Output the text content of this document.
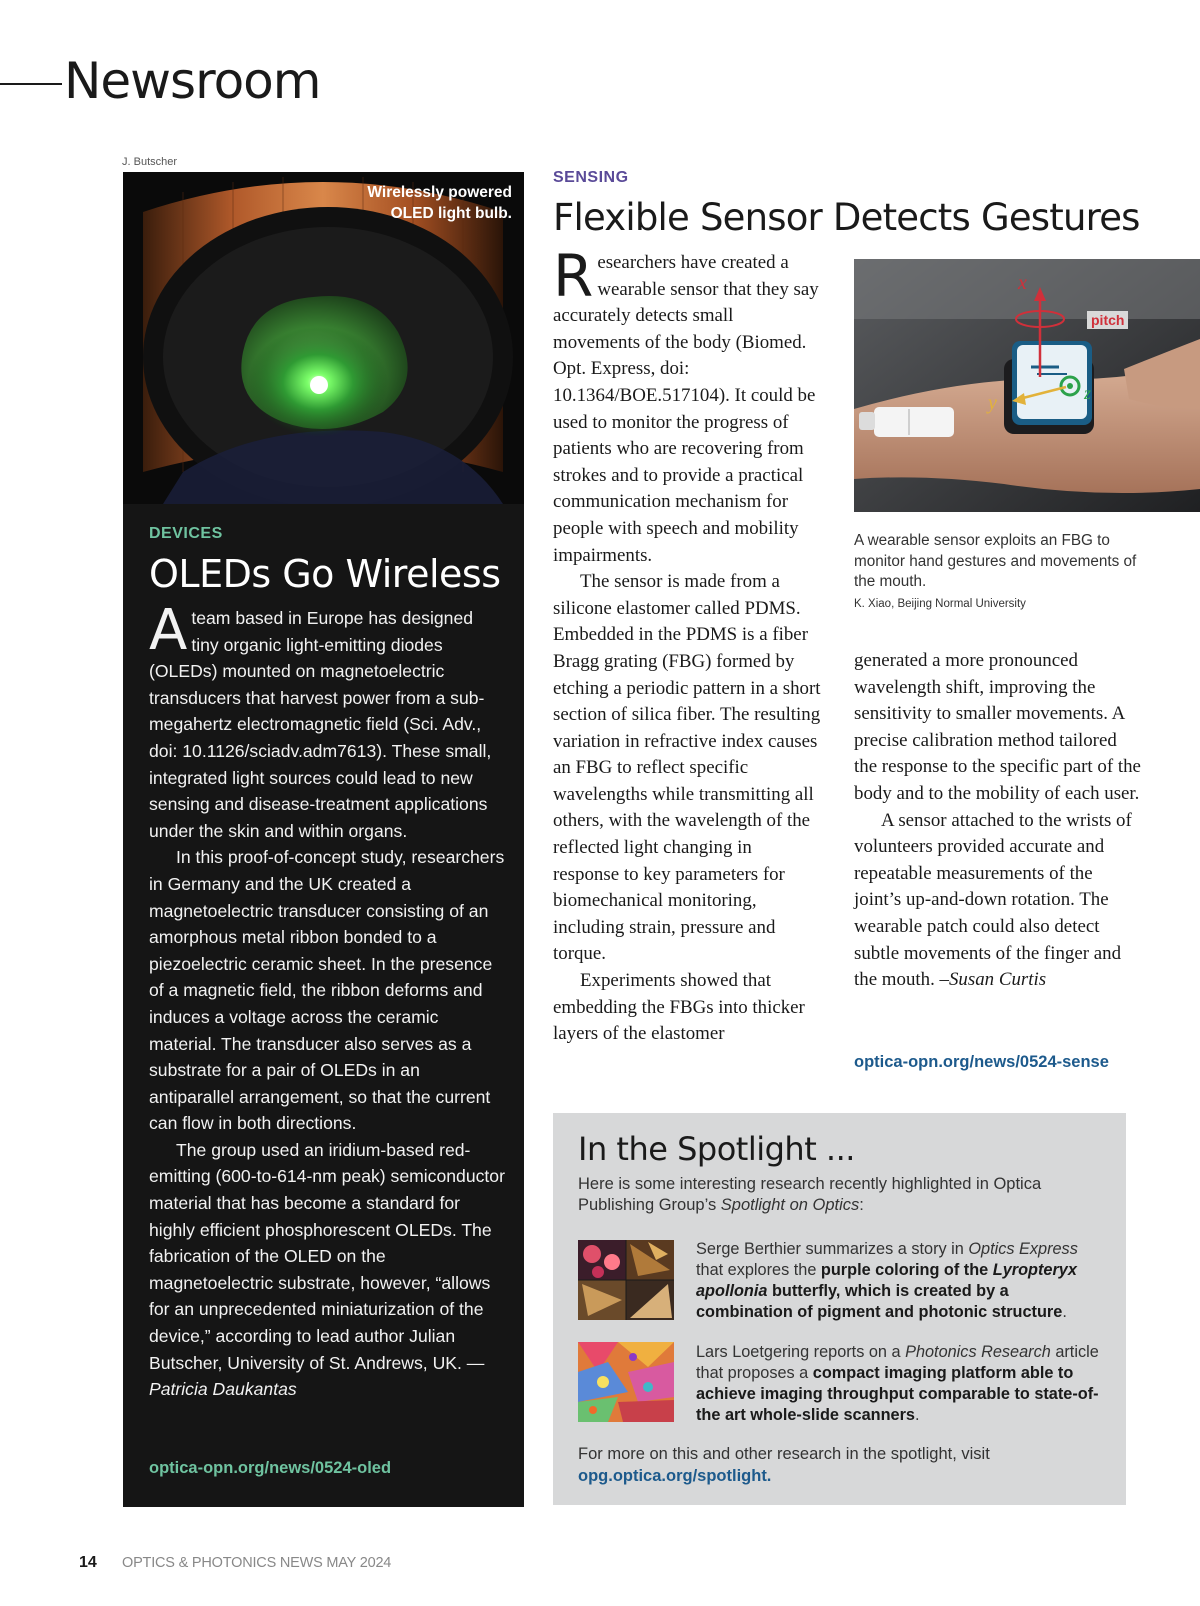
Newsroom
J. Butscher
Wirelessly powered
OLED light bulb.
DEVICES
OLEDs Go Wireless

Ateam based in Europe has designed tiny organic light-emitting diodes (OLEDs) mounted on magnetoelectric transducers that harvest power from a sub-megahertz electromagnetic field (Sci. Adv., doi: 10.1126/sciadv.adm7613). These small, integrated light sources could lead to new sensing and disease-treatment applications under the skin and within organs.

In this proof-of-concept study, researchers in Germany and the UK created a magnetoelectric transducer consisting of an amorphous metal ribbon bonded to a piezoelectric ceramic sheet. In the presence of a magnetic field, the ribbon deforms and induces a voltage across the ceramic material. The transducer also serves as a substrate for a pair of OLEDs in an antiparallel arrangement, so that the current can flow in both directions.

The group used an iridium-based red-emitting (600-to-614-nm peak) semiconductor material that has become a standard for highly efficient phosphorescent OLEDs. The fabrication of the OLED on the magnetoelectric substrate, however, “allows for an unprecedented miniaturization of the device,” according to lead author Julian Butscher, University of St. Andrews, UK. —Patricia Daukantas

optica-opn.org/news/0524-oled
SENSING
Flexible Sensor Detects Gestures

Researchers have created a wearable sensor that they say accurately detects small movements of the body (Biomed. Opt. Express, doi: 10.1364/BOE.517104). It could be used to monitor the progress of patients who are recovering from strokes and to provide a practical communication mechanism for people with speech and mobility impairments.

The sensor is made from a silicone elastomer called PDMS. Embedded in the PDMS is a fiber Bragg grating (FBG) formed by etching a periodic pattern in a short section of silica fiber. The resulting variation in refractive index causes an FBG to reflect specific wavelengths while transmitting all others, with the wavelength of the reflected light changing in response to key parameters for biomechanical monitoring, including strain, pressure and torque.

Experiments showed that embedding the FBGs into thicker layers of the elastomer

x
y	z
pitch
A wearable sensor exploits an FBG to monitor hand gestures and movements of the mouth.
K. Xiao, Beijing Normal University

generated a more pronounced wavelength shift, improving the sensitivity to smaller movements. A precise calibration method tailored the response to the specific part of the body and to the mobility of each user.

A sensor attached to the wrists of volunteers provided accurate and repeatable measurements of the joint’s up-and-down rotation. The wearable patch could also detect subtle movements of the finger and the mouth. –Susan Curtis

optica-opn.org/news/0524-sense
In the Spotlight ...
Here is some interesting research recently highlighted in Optica Publishing Group’s Spotlight on Optics:
Serge Berthier summarizes a story in Optics Express that explores the purple coloring of the Lyropteryx apollonia butterfly, which is created by a combination of pigment and photonic structure.
Lars Loetgering reports on a Photonics Research article that proposes a compact imaging platform able to achieve imaging throughput comparable to state-of-the art whole-slide scanners.
For more on this and other research in the spotlight, visit
opg.optica.org/spotlight.
14 OPTICS & PHOTONICS NEWS MAY 2024
